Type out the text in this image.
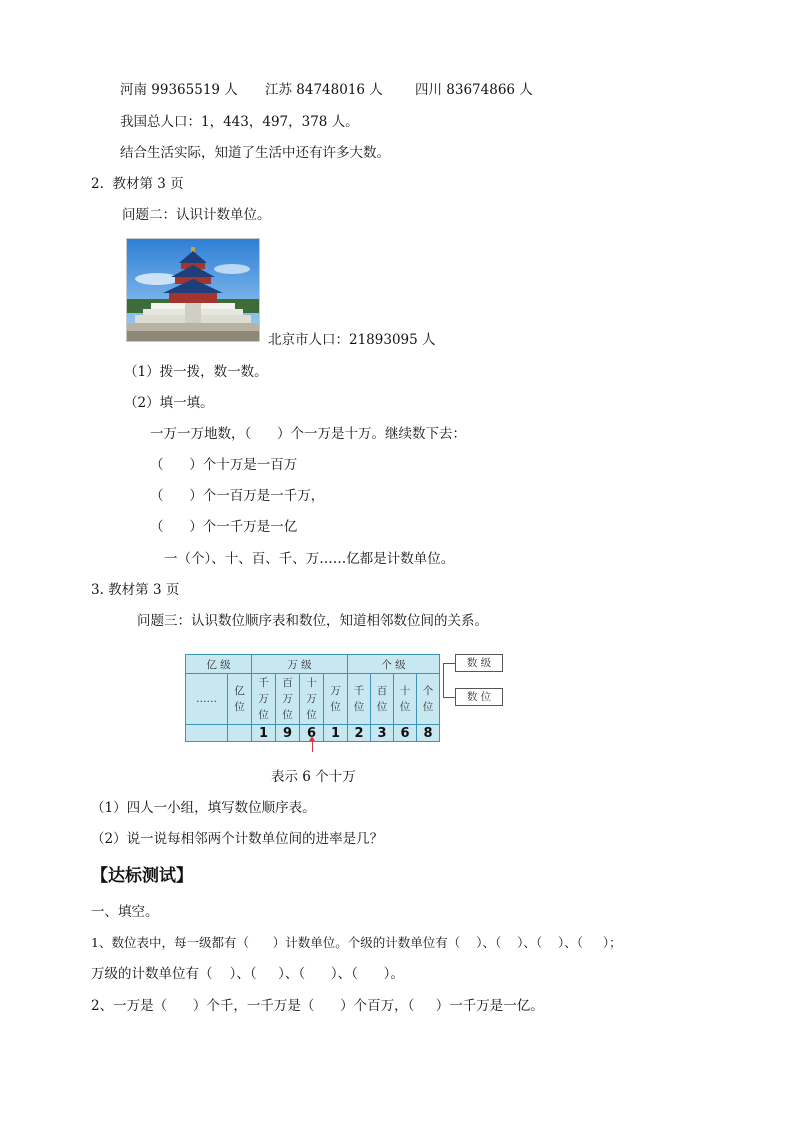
河南 99365519 人 江苏 84748016 人 四川 83674866 人
我国总人口：1，443，497，378 人。
结合生活实际，知道了生活中还有许多大数。
2.  教材第 3 页
问题二：认识计数单位。
北京市人口：21893095 人
（1）拨一拨，数一数。
（2）填一填。
一万一万地数，（      ）个一万是十万。继续数下去：
（      ）个十万是一百万
（      ）个一百万是一千万，
（      ）个一千万是一亿
一（个）、十、百、千、万……亿都是计数单位。
3. 教材第 3 页
问题三：认识数位顺序表和数位，知道相邻数位间的关系。
亿 级		万 级				个 级			
……	亿位	千万位	百万位	十万位	万位	千位	百位	十位	个位
		1	9	6	1	2	3	6	8
数 级
数 位
表示 6 个十万
（1）四人一小组，填写数位顺序表。
（2）说一说每相邻两个计数单位间的进率是几？
【达标测试】
一、填空。
1、数位表中，每一级都有（      ）计数单位。个级的计数单位有（    ）、（    ）、（    ）、（     ）；
万级的计数单位有（    ）、（     ）、（      ）、（      ）。
2、一万是（      ）个千，一千万是（      ）个百万，（     ）一千万是一亿。
